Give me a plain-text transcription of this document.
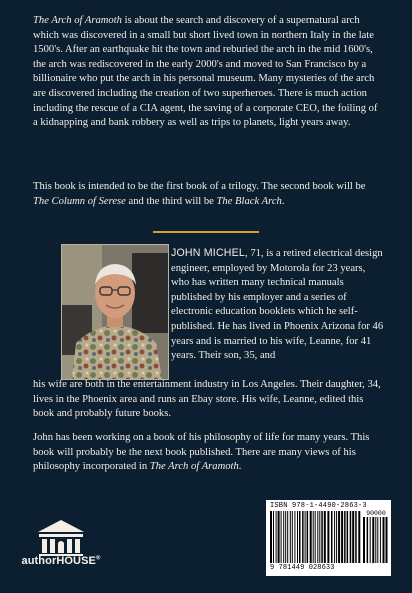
The Arch of Aramoth is about the search and discovery of a supernatural arch which was discovered in a small but short lived town in northern Italy in the late 1500's. After an earthquake hit the town and reburied the arch in the mid 1600's, the arch was rediscovered in the early 2000's and moved to San Francisco by a billionaire who put the arch in his personal museum. Many mysteries of the arch are discovered including the creation of two superheroes. There is much action including the rescue of a CIA agent, the saving of a corporate CEO, the foiling of a kidnapping and bank robbery as well as trips to planets, light years away.

This book is intended to be the first book of a trilogy. The second book will be The Column of Serese and the third will be The Black Arch.

JOHN MICHEL, 71, is a retired electrical design engineer, employed by Motorola for 23 years, who has written many technical manuals published by his employer and a series of electronic education booklets which he self-published. He has lived in Phoenix Arizona for 46 years and is married to his wife, Leanne, for 41 years. Their son, 35, and

his wife are both in the entertainment industry in Los Angeles. Their daughter, 34, lives in the Phoenix area and runs an Ebay store. His wife, Leanne, edited this book and probably future books.

John has been working on a book of his philosophy of life for many years. This book will probably be the next book published. There are many views of his philosophy incorporated in The Arch of Aramoth.

authorHOUSE®
ISBN 978-1-4490-2863-3
90000
9 781449 028633
